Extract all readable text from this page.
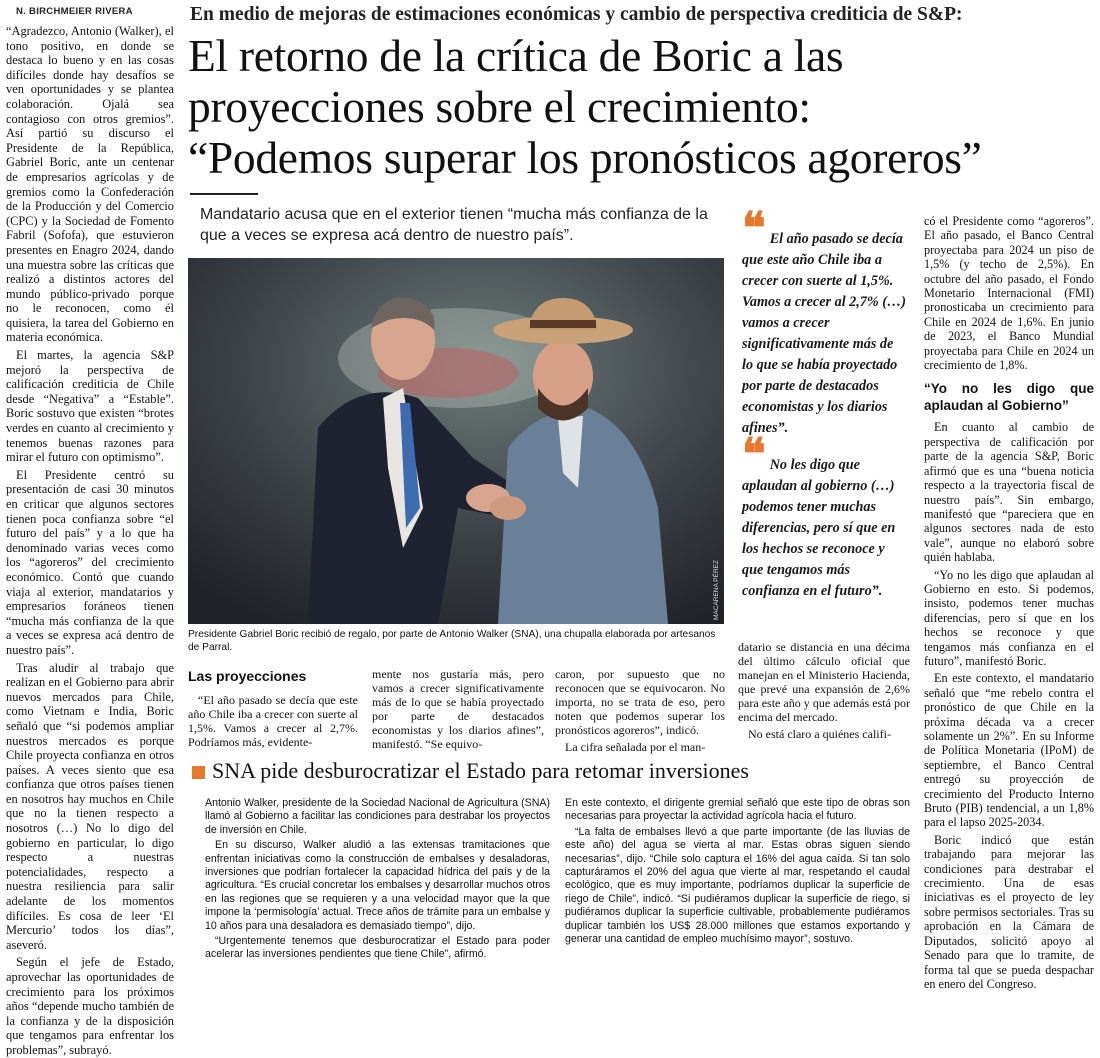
N. BIRCHMEIER RIVERA	En medio de mejoras de estimaciones económicas y cambio de perspectiva crediticia de S&P:
El retorno de la crítica de Boric a las
proyecciones sobre el crecimiento:
“Podemos superar los pronósticos agoreros”
Mandatario acusa que en el exterior tienen “mucha más confianza de la que a veces se expresa acá dentro de nuestro país”.

“Agradezco, Antonio (Walker), el tono positivo, en donde se destaca lo bueno y en las cosas difíciles donde hay desafíos se ven oportunidades y se plantea colaboración. Ojalá sea contagioso con otros gremios”. Así partió su discurso el Presidente de la República, Gabriel Boric, ante un centenar de empresarios agrícolas y de gremios como la Confederación de la Producción y del Comercio (CPC) y la Sociedad de Fomento Fabril (Sofofa), que estuvieron presentes en Enagro 2024, dando una muestra sobre las críticas que realizó a distintos actores del mundo público-privado porque no le reconocen, como él quisiera, la tarea del Gobierno en materia económica.

El martes, la agencia S&P mejoró la perspectiva de calificación crediticia de Chile desde “Negativa” a “Estable”. Boric sostuvo que existen “brotes verdes en cuanto al crecimiento y tenemos buenas razones para mirar el futuro con optimismo”.

El Presidente centró su presentación de casi 30 minutos en criticar que algunos sectores tienen poca confianza sobre “el futuro del país” y a lo que ha denominado varias veces como los “agoreros” del crecimiento económico. Contó que cuando viaja al exterior, mandatarios y empresarios foráneos tienen “mucha más confianza de la que a veces se expresa acá dentro de nuestro país”.

Tras aludir al trabajo que realizan en el Gobierno para abrir nuevos mercados para Chile, como Vietnam e India, Boric señaló que “si podemos ampliar nuestros mercados es porque Chile proyecta confianza en otros países. A veces siento que esa confianza que otros países tienen en nosotros hay muchos en Chile que no la tienen respecto a nosotros (…) No lo digo del gobierno en particular, lo digo respecto a nuestras potencialidades, respecto a nuestra resiliencia para salir adelante de los momentos difíciles. Es cosa de leer ‘El Mercurio’ todos los días”, aseveró.

Según el jefe de Estado, aprovechar las oportunidades de crecimiento para los próximos años “depende mucho también de la confianza y de la disposición que tengamos para enfrentar los problemas”, subrayó.

MACARENA PÉREZ
Presidente Gabriel Boric recibió de regalo, por parte de Antonio Walker (SNA), una chupalla elaborada por artesanos de Parral.
Las proyecciones

“El año pasado se decía que este año Chile iba a crecer con suerte al 1,5%. Vamos a crecer al 2,7%. Podríamos más, evidente-

mente nos gustaría más, pero vamos a crecer significativamente más de lo que se había proyectado por parte de destacados economistas y los diarios afines”, manifestó. “Se equivo-

caron, por supuesto que no reconocen que se equivocaron. No importa, no se trata de eso, pero noten que podemos superar los pronósticos agoreros”, indicó.

La cifra señalada por el man-

❝ El año pasado se decía que este año Chile iba a crecer con suerte al 1,5%. Vamos a crecer al 2,7% (…) vamos a crecer significativamente más de lo que se había proyectado por parte de destacados economistas y los diarios afines”.
❝ No les digo que aplaudan al gobierno (…) podemos tener muchas diferencias, pero sí que en los hechos se reconoce y que tengamos más confianza en el futuro”.

datario se distancia en una décima del último cálculo oficial que manejan en el Ministerio Hacienda, que prevé una expansión de 2,6% para este año y que además está por encima del mercado.

No está claro a quiénes califi-

có el Presidente como “agoreros”. El año pasado, el Banco Central proyectaba para 2024 un piso de 1,5% (y techo de 2,5%). En octubre del año pasado, el Fondo Monetario Internacional (FMI) pronosticaba un crecimiento para Chile en 2024 de 1,6%. En junio de 2023, el Banco Mundial proyectaba para Chile en 2024 un crecimiento de 1,8%.

“Yo no les digo que aplaudan al Gobierno”

En cuanto al cambio de perspectiva de calificación por parte de la agencia S&P, Boric afirmó que es una “buena noticia respecto a la trayectoria fiscal de nuestro país”. Sin embargo, manifestó que “pareciera que en algunos sectores nada de esto vale”, aunque no elaboró sobre quién hablaba.

“Yo no les digo que aplaudan al Gobierno en esto. Si podemos, insisto, podemos tener muchas diferencias, pero sí que en los hechos se reconoce y que tengamos más confianza en el futuro”, manifestó Boric.

En este contexto, el mandatario señaló que “me rebelo contra el pronóstico de que Chile en la próxima década va a crecer solamente un 2%”. En su Informe de Política Monetaria (IPoM) de septiembre, el Banco Central entregó su proyección de crecimiento del Producto Interno Bruto (PIB) tendencial, a un 1,8% para el lapso 2025-2034.

Boric indicó que están trabajando para mejorar las condiciones para destrabar el crecimiento. Una de esas iniciativas es el proyecto de ley sobre permisos sectoriales. Tras su aprobación en la Cámara de Diputados, solicitó apoyo al Senado para que lo tramite, de forma tal que se pueda despachar en enero del Congreso.

SNA pide desburocratizar el Estado para retomar inversiones

Antonio Walker, presidente de la Sociedad Nacional de Agricultura (SNA) llamó al Gobierno a facilitar las condiciones para destrabar los proyectos de inversión en Chile.

En su discurso, Walker aludió a las extensas tramitaciones que enfrentan iniciativas como la construcción de embalses y desaladoras, inversiones que podrían fortalecer la capacidad hídrica del país y de la agricultura. “Es crucial concretar los embalses y desarrollar muchos otros en las regiones que se requieren y a una velocidad mayor que la que impone la ‘permisología’ actual. Trece años de trámite para un embalse y 10 años para una desaladora es demasiado tiempo”, dijo.

“Urgentemente tenemos que desburocratizar el Estado para poder acelerar las inversiones pendientes que tiene Chile”, afirmó.

En este contexto, el dirigente gremial señaló que este tipo de obras son necesarias para proyectar la actividad agrícola hacia el futuro.

“La falta de embalses llevó a que parte importante (de las lluvias de este año) del agua se vierta al mar. Estas obras siguen siendo necesarias”, dijo. “Chile solo captura el 16% del agua caída. Si tan solo capturáramos el 20% del agua que vierte al mar, respetando el caudal ecológico, que es muy importante, podríamos duplicar la superficie de riego de Chile”, indicó. “Si pudiéramos duplicar la superficie de riego, si pudiéramos duplicar la superficie cultivable, probablemente pudiéramos duplicar también los US$ 28.000 millones que estamos exportando y generar una cantidad de empleo muchísimo mayor”, sostuvo.
